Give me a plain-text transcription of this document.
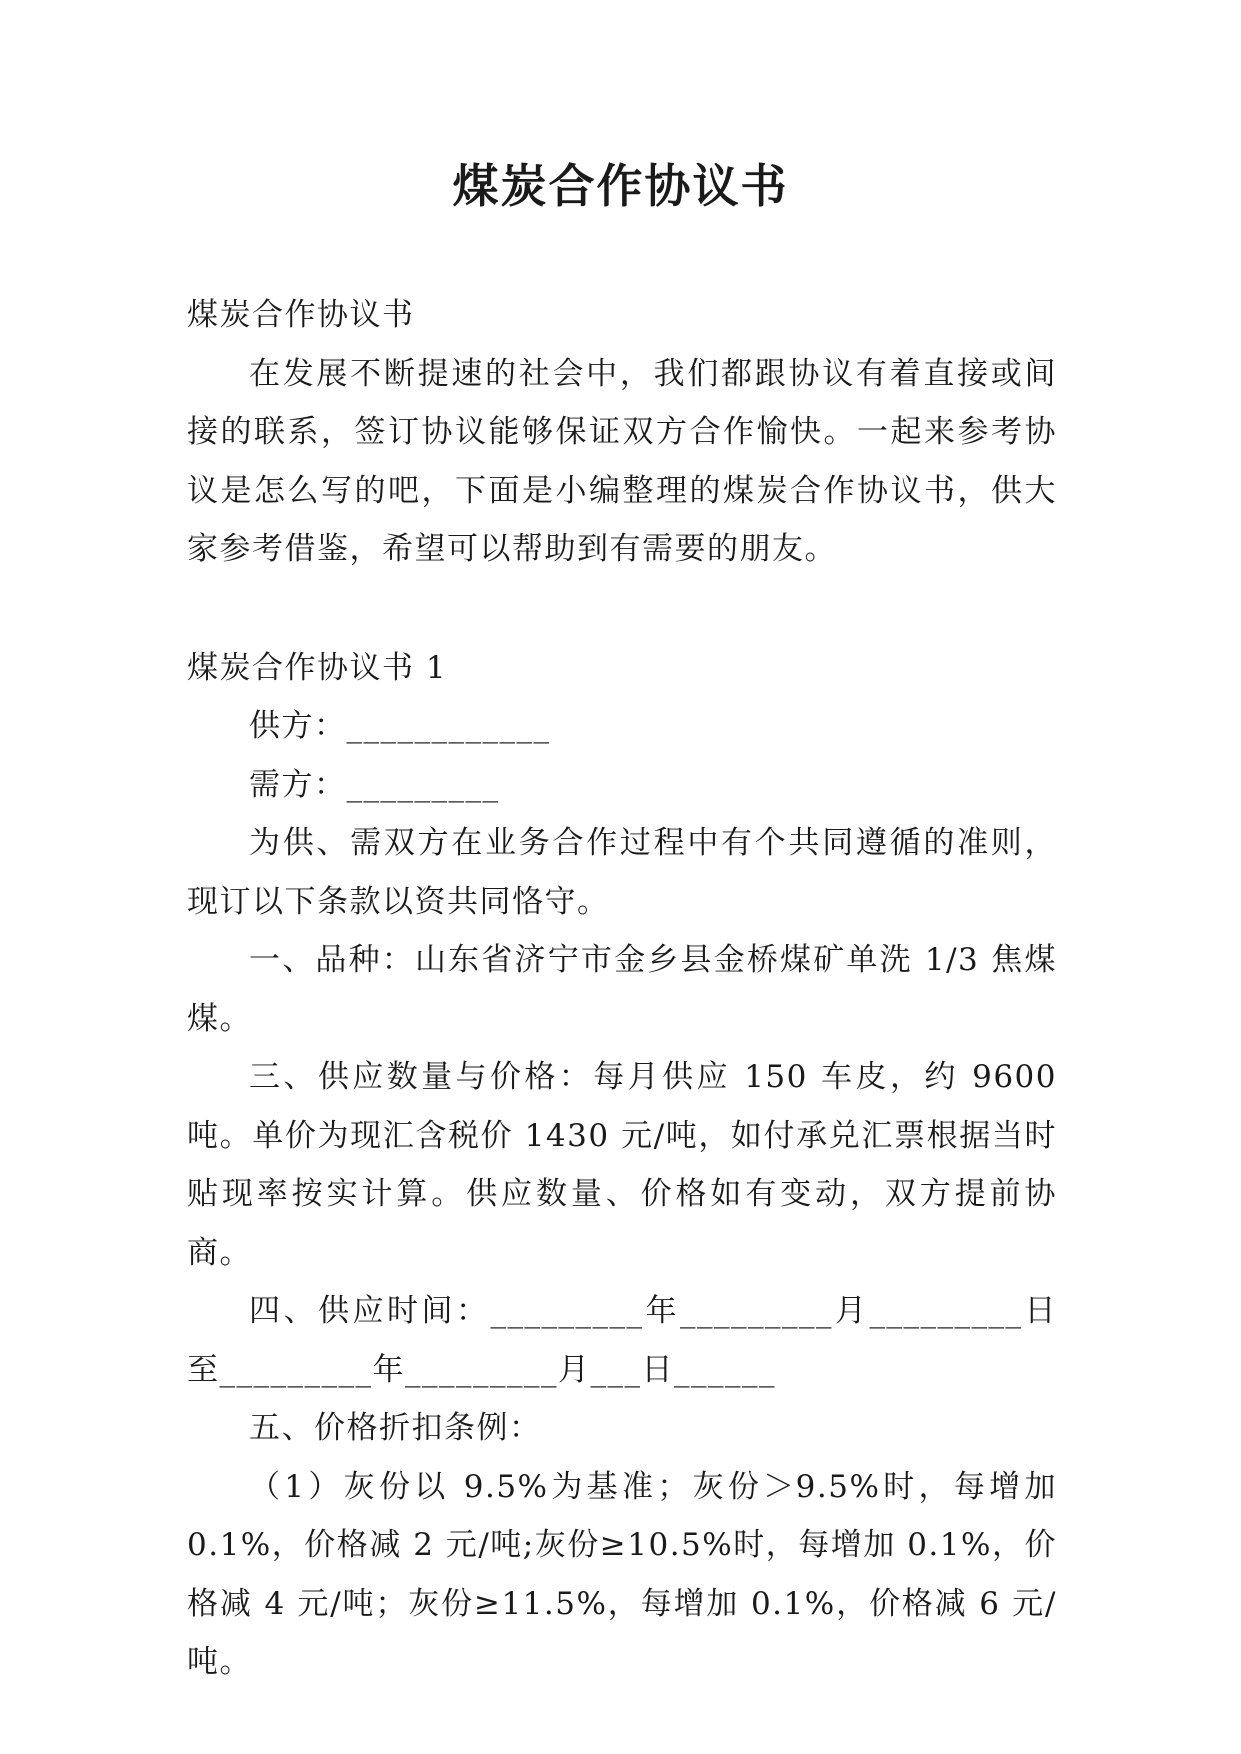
煤炭合作协议书

煤炭合作协议书

在发展不断提速的社会中，我们都跟协议有着直接或间接的联系，签订协议能够保证双方合作愉快。一起来参考协议是怎么写的吧，下面是小编整理的煤炭合作协议书，供大家参考借鉴，希望可以帮助到有需要的朋友。

煤炭合作协议书 1

供方：____________

需方：_________

为供、需双方在业务合作过程中有个共同遵循的准则，现订以下条款以资共同恪守。

一、品种：山东省济宁市金乡县金桥煤矿单洗 1/3 焦煤煤。

三、供应数量与价格：每月供应 150 车皮，约 9600 吨。单价为现汇含税价 1430 元/吨，如付承兑汇票根据当时贴现率按实计算。供应数量、价格如有变动，双方提前协商。

四、供应时间：_________年_________月_________日至_________年_________月___日______

五、价格折扣条例：

（1）灰份以 9.5%为基准；灰份＞9.5%时，每增加 0.1%，价格减 2 元/吨;灰份≥10.5%时，每增加 0.1%，价格减 4 元/吨；灰份≥11.5%，每增加 0.1%，价格减 6 元/吨。
